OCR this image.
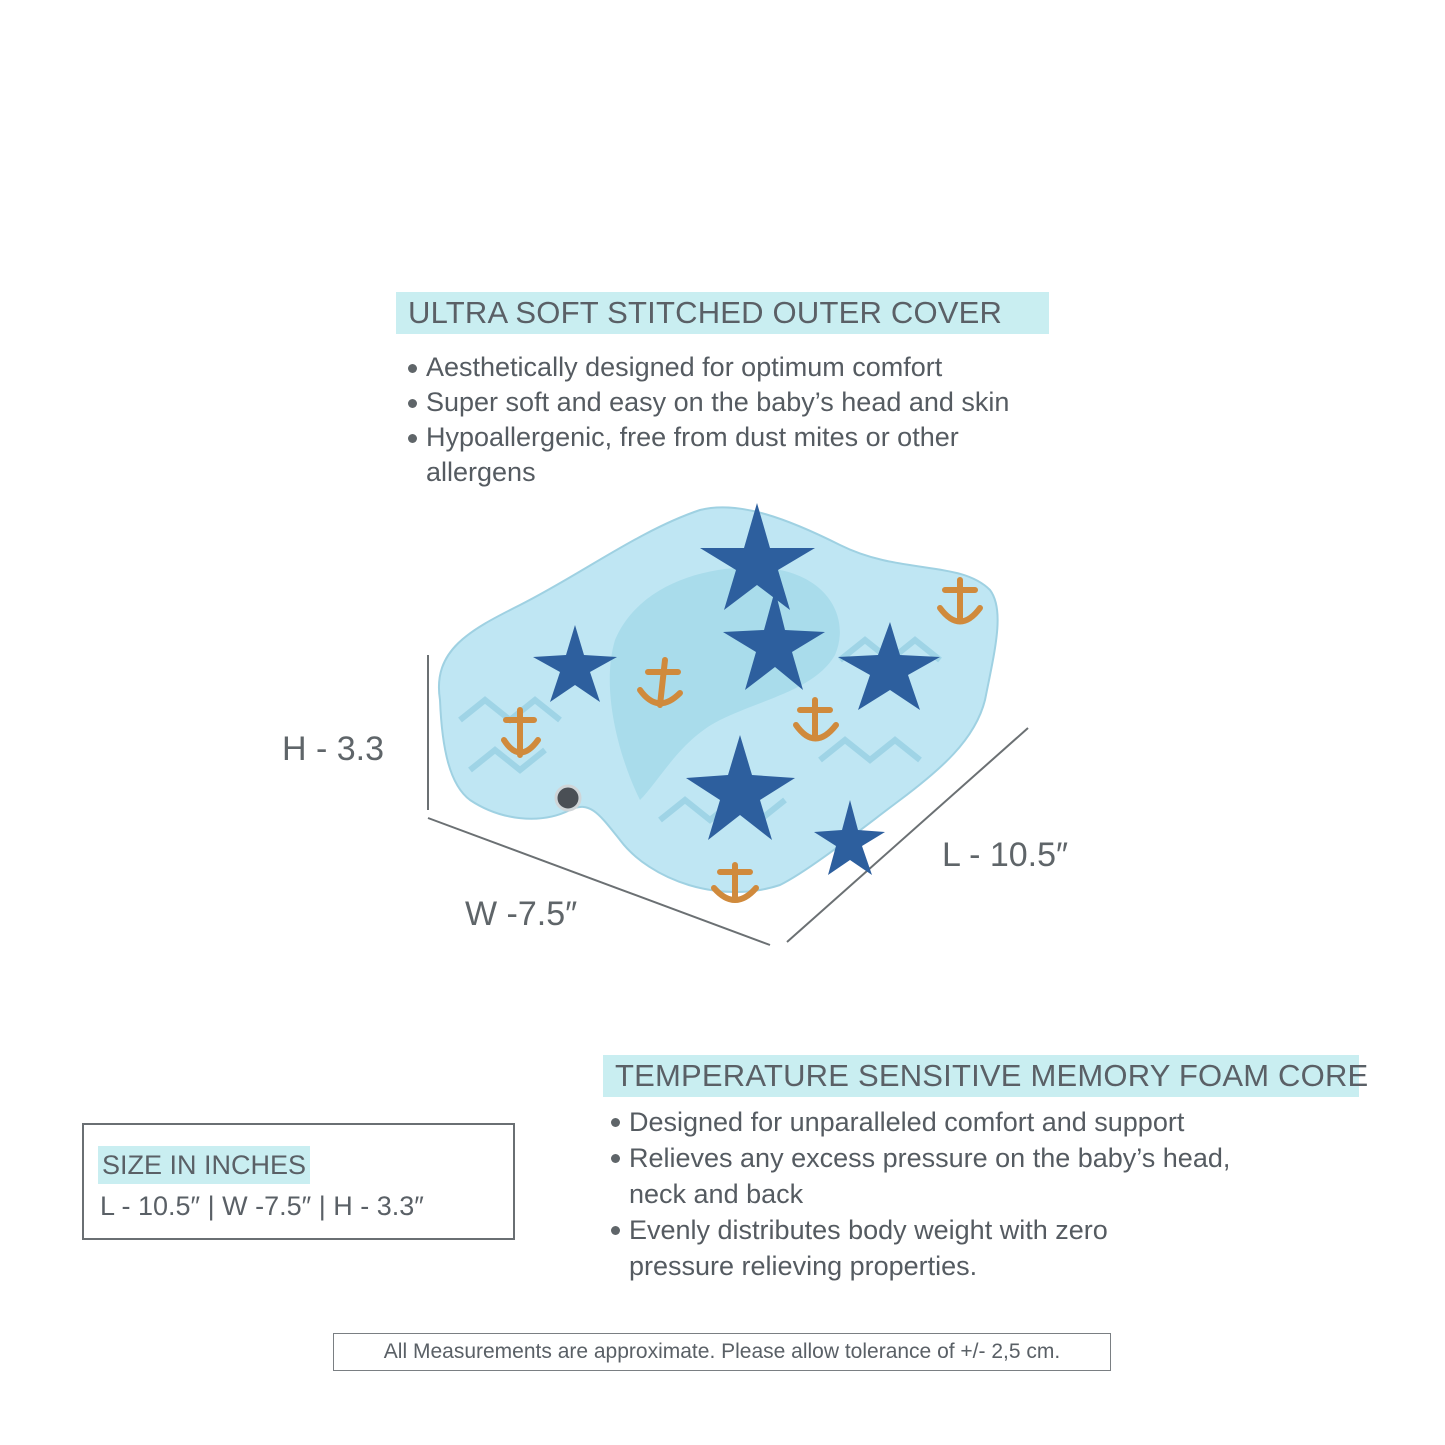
ULTRA SOFT STITCHED OUTER COVER
Aesthetically designed for optimum comfort
Super soft and easy on the baby’s head and skin
Hypoallergenic, free from dust mites or other allergens
H - 3.3
W -7.5″
L - 10.5″
TEMPERATURE SENSITIVE MEMORY FOAM CORE
Designed for unparalleled comfort and support
Relieves any excess pressure on the baby’s head, neck and back
Evenly distributes body weight with zero pressure relieving properties.
SIZE IN INCHES
L - 10.5″ | W -7.5″ | H - 3.3″
All Measurements are approximate. Please allow tolerance of +/- 2,5 cm.
